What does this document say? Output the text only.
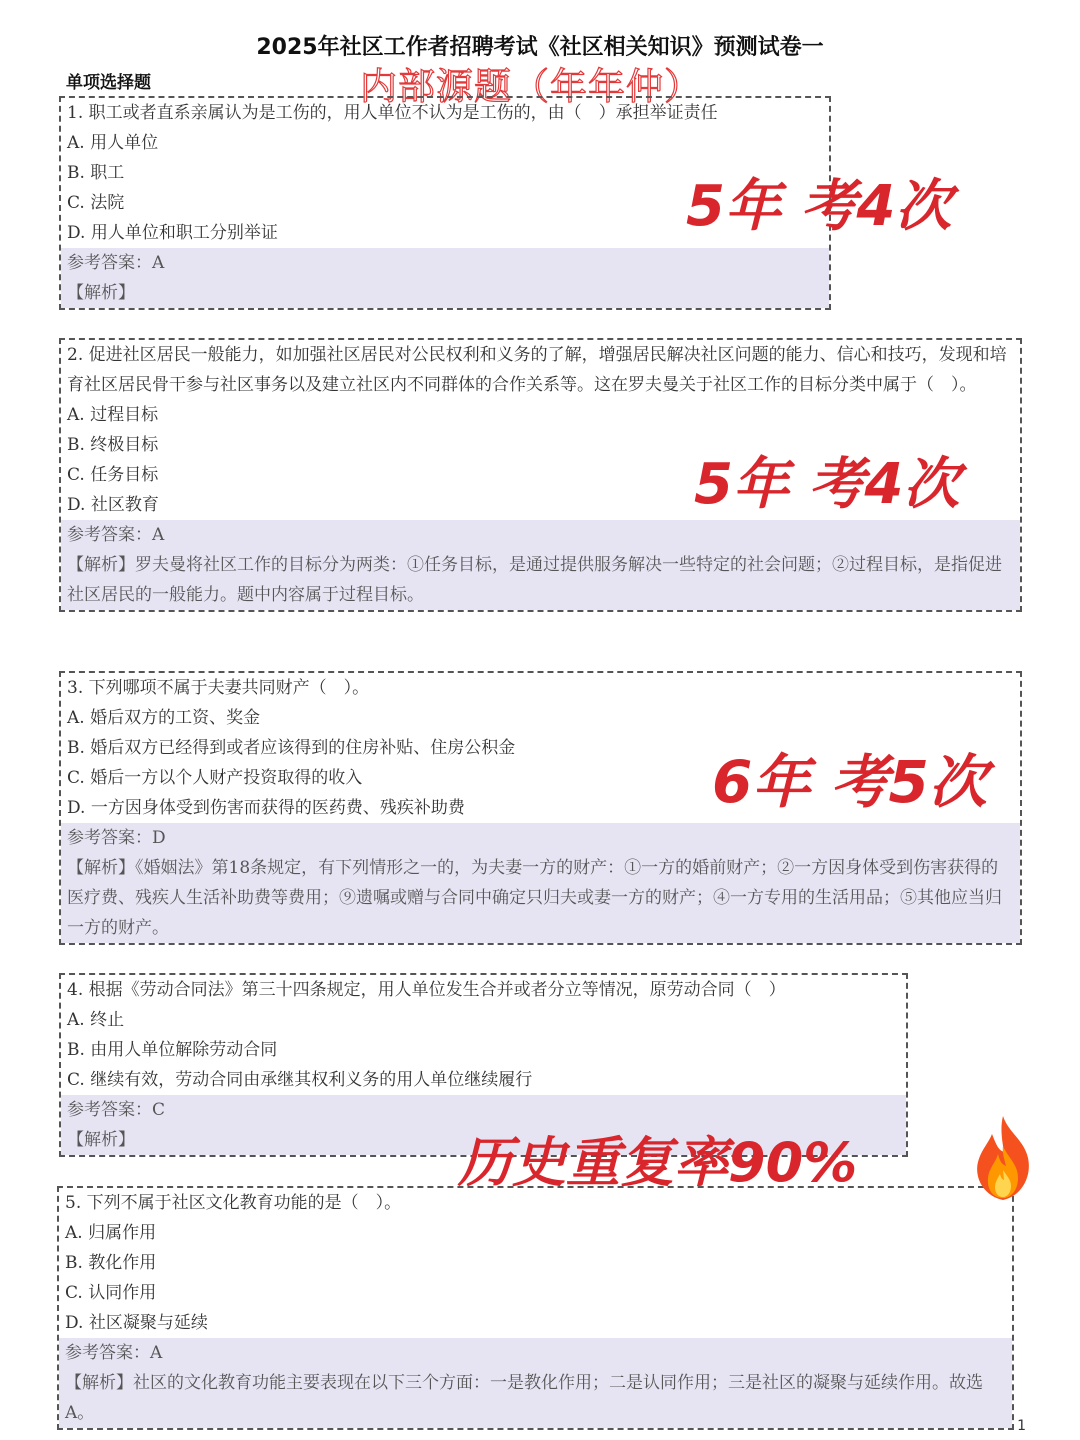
2025年社区工作者招聘考试《社区相关知识》预测试卷一
单项选择题	内部源题（年年仲）
1. 职工或者直系亲属认为是工伤的，用人单位不认为是工伤的，由（　）承担举证责任
A. 用人单位
B. 职工
C. 法院
D. 用人单位和职工分别举证
参考答案：A
【解析】
2. 促进社区居民一般能力，如加强社区居民对公民权利和义务的了解，增强居民解决社区问题的能力、信心和技巧，发现和培育社区居民骨干参与社区事务以及建立社区内不同群体的合作关系等。这在罗夫曼关于社区工作的目标分类中属于（　）。
A. 过程目标
B. 终极目标
C. 任务目标
D. 社区教育
参考答案：A
【解析】罗夫曼将社区工作的目标分为两类：①任务目标，是通过提供服务解决一些特定的社会问题；②过程目标，是指促进社区居民的一般能力。题中内容属于过程目标。
3. 下列哪项不属于夫妻共同财产（　）。
A. 婚后双方的工资、奖金
B. 婚后双方已经得到或者应该得到的住房补贴、住房公积金
C. 婚后一方以个人财产投资取得的收入
D. 一方因身体受到伤害而获得的医药费、残疾补助费
参考答案：D
【解析】《婚姻法》第18条规定，有下列情形之一的，为夫妻一方的财产：①一方的婚前财产；②一方因身体受到伤害获得的医疗费、残疾人生活补助费等费用；⑨遗嘱或赠与合同中确定只归夫或妻一方的财产；④一方专用的生活用品；⑤其他应当归一方的财产。
4. 根据《劳动合同法》第三十四条规定，用人单位发生合并或者分立等情况，原劳动合同（　）
A. 终止
B. 由用人单位解除劳动合同
C. 继续有效，劳动合同由承继其权利义务的用人单位继续履行
参考答案：C
【解析】
5. 下列不属于社区文化教育功能的是（　）。
A. 归属作用
B. 教化作用
C. 认同作用
D. 社区凝聚与延续
参考答案：A
【解析】社区的文化教育功能主要表现在以下三个方面：一是教化作用；二是认同作用；三是社区的凝聚与延续作用。故选A。
5年 考4次
5年 考4次
6年 考5次
历史重复率90%
1
